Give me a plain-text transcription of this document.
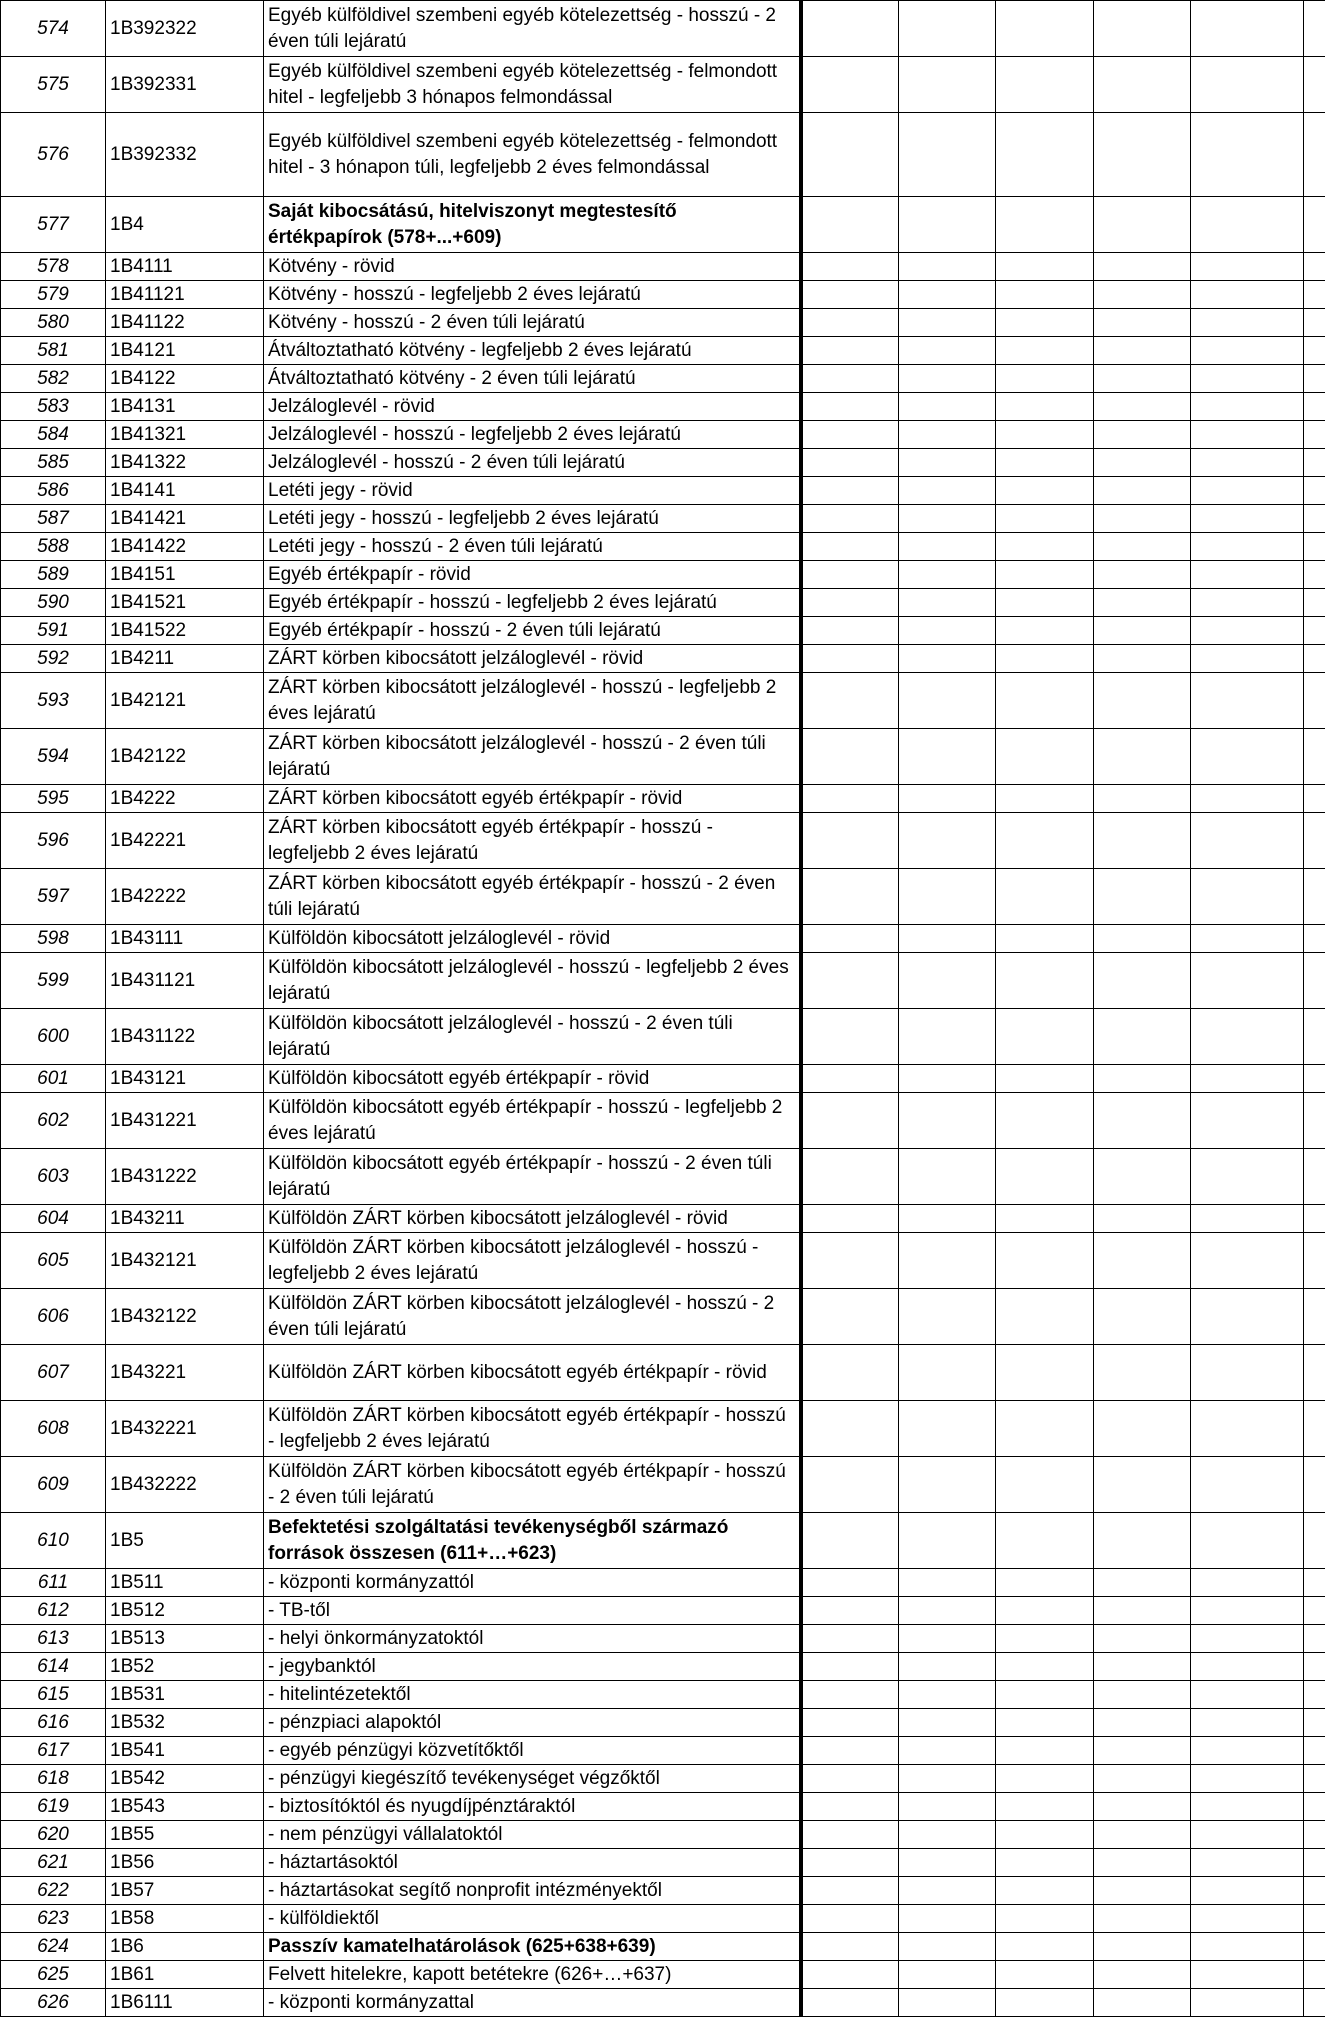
574	1B392322	Egyéb külföldivel szembeni egyéb kötelezettség - hosszú - 2 éven túli lejáratú						
575	1B392331	Egyéb külföldivel szembeni egyéb kötelezettség - felmondott hitel - legfeljebb 3 hónapos felmondással						
576	1B392332	Egyéb külföldivel szembeni egyéb kötelezettség - felmondott hitel - 3 hónapon túli, legfeljebb 2 éves felmondással						
577	1B4	Saját kibocsátású, hitelviszonyt megtestesítő értékpapírok (578+...+609)						
578	1B4111	Kötvény - rövid						
579	1B41121	Kötvény - hosszú - legfeljebb 2 éves lejáratú						
580	1B41122	Kötvény - hosszú - 2 éven túli lejáratú						
581	1B4121	Átváltoztatható kötvény - legfeljebb 2 éves lejáratú						
582	1B4122	Átváltoztatható kötvény - 2 éven túli lejáratú						
583	1B4131	Jelzáloglevél - rövid						
584	1B41321	Jelzáloglevél - hosszú - legfeljebb 2 éves lejáratú						
585	1B41322	Jelzáloglevél - hosszú - 2 éven túli lejáratú						
586	1B4141	Letéti jegy - rövid						
587	1B41421	Letéti jegy - hosszú - legfeljebb 2 éves lejáratú						
588	1B41422	Letéti jegy - hosszú - 2 éven túli lejáratú						
589	1B4151	Egyéb értékpapír - rövid						
590	1B41521	Egyéb értékpapír - hosszú - legfeljebb 2 éves lejáratú						
591	1B41522	Egyéb értékpapír - hosszú - 2 éven túli lejáratú						
592	1B4211	ZÁRT körben kibocsátott jelzáloglevél - rövid						
593	1B42121	ZÁRT körben kibocsátott jelzáloglevél - hosszú - legfeljebb 2 éves lejáratú						
594	1B42122	ZÁRT körben kibocsátott jelzáloglevél - hosszú - 2 éven túli lejáratú						
595	1B4222	ZÁRT körben kibocsátott egyéb értékpapír - rövid						
596	1B42221	ZÁRT körben kibocsátott egyéb értékpapír - hosszú - legfeljebb 2 éves lejáratú						
597	1B42222	ZÁRT körben kibocsátott egyéb értékpapír - hosszú - 2 éven túli lejáratú						
598	1B43111	Külföldön kibocsátott jelzáloglevél - rövid						
599	1B431121	Külföldön kibocsátott jelzáloglevél - hosszú - legfeljebb 2 éves lejáratú						
600	1B431122	Külföldön kibocsátott jelzáloglevél - hosszú - 2 éven túli lejáratú						
601	1B43121	Külföldön kibocsátott egyéb értékpapír - rövid						
602	1B431221	Külföldön kibocsátott egyéb értékpapír - hosszú - legfeljebb 2 éves lejáratú						
603	1B431222	Külföldön kibocsátott egyéb értékpapír - hosszú - 2 éven túli lejáratú						
604	1B43211	Külföldön ZÁRT körben kibocsátott jelzáloglevél - rövid						
605	1B432121	Külföldön ZÁRT körben kibocsátott jelzáloglevél - hosszú - legfeljebb 2 éves lejáratú						
606	1B432122	Külföldön ZÁRT körben kibocsátott jelzáloglevél - hosszú - 2 éven túli lejáratú						
607	1B43221	Külföldön ZÁRT körben kibocsátott egyéb értékpapír - rövid						
608	1B432221	Külföldön ZÁRT körben kibocsátott egyéb értékpapír - hosszú - legfeljebb 2 éves lejáratú						
609	1B432222	Külföldön ZÁRT körben kibocsátott egyéb értékpapír - hosszú - 2 éven túli lejáratú						
610	1B5	Befektetési szolgáltatási tevékenységből származó források összesen (611+…+623)						
611	1B511	- központi kormányzattól						
612	1B512	- TB-től						
613	1B513	- helyi önkormányzatoktól						
614	1B52	- jegybanktól						
615	1B531	- hitelintézetektől						
616	1B532	- pénzpiaci alapoktól						
617	1B541	- egyéb pénzügyi közvetítőktől						
618	1B542	- pénzügyi kiegészítő tevékenységet végzőktől						
619	1B543	- biztosítóktól és nyugdíjpénztáraktól						
620	1B55	- nem pénzügyi vállalatoktól						
621	1B56	- háztartásoktól						
622	1B57	- háztartásokat segítő nonprofit intézményektől						
623	1B58	- külföldiektől						
624	1B6	Passzív kamatelhatárolások (625+638+639)						
625	1B61	Felvett hitelekre, kapott betétekre (626+…+637)						
626	1B6111	- központi kormányzattal						
